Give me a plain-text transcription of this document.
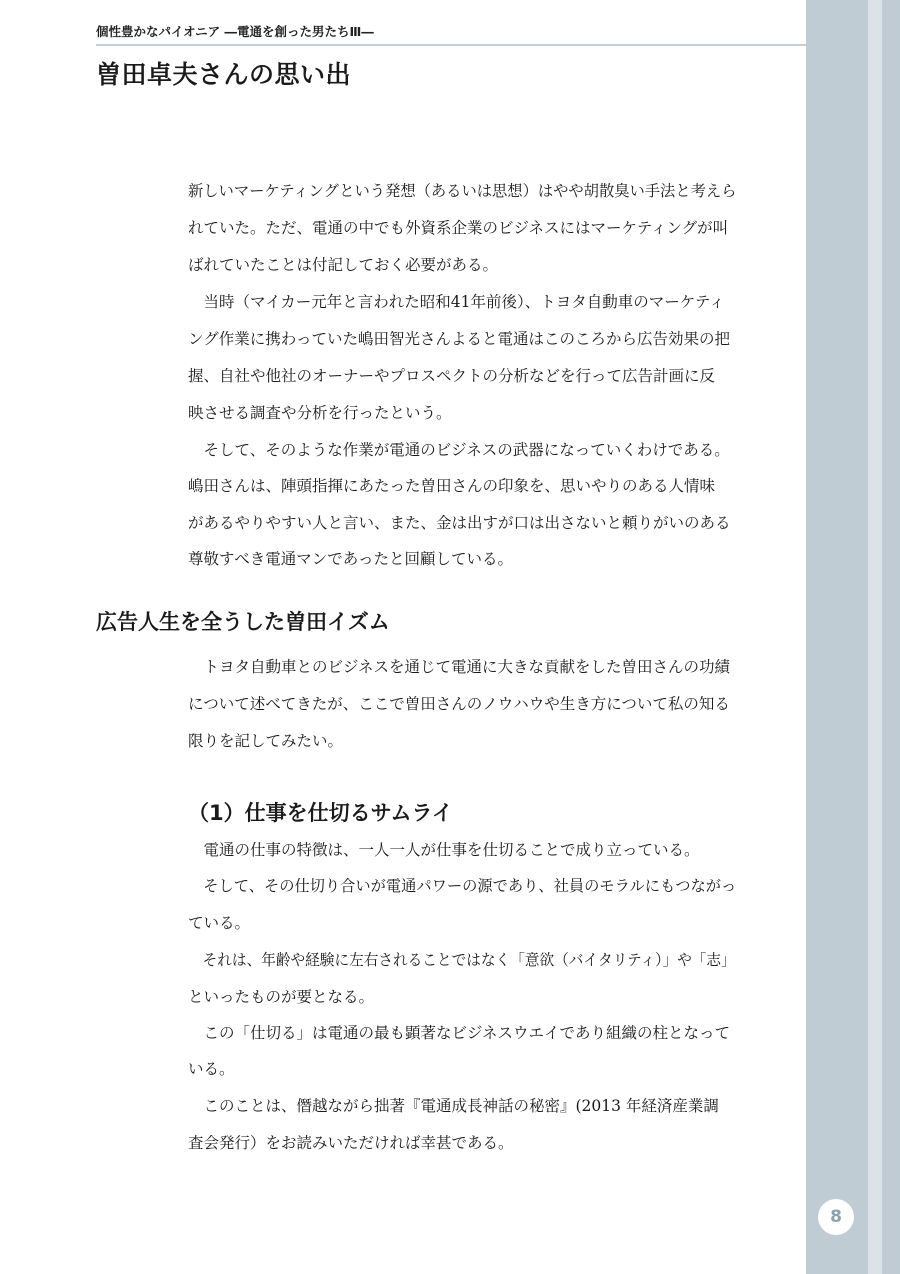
8
個性豊かなパイオニア ―電通を創った男たちⅢ―
曽田卓夫さんの思い出
新しいマーケティングという発想（あるいは思想）はやや胡散臭い手法と考えら
れていた。ただ、電通の中でも外資系企業のビジネスにはマーケティングが叫
ばれていたことは付記しておく必要がある。
　当時（マイカー元年と言われた昭和41年前後）、トヨタ自動車のマーケティ
ング作業に携わっていた嶋田智光さんよると電通はこのころから広告効果の把
握、自社や他社のオーナーやプロスペクトの分析などを行って広告計画に反
映させる調査や分析を行ったという。
　そして、そのような作業が電通のビジネスの武器になっていくわけである。
嶋田さんは、陣頭指揮にあたった曽田さんの印象を、思いやりのある人情味
があるやりやすい人と言い、また、金は出すが口は出さないと頼りがいのある
尊敬すべき電通マンであったと回顧している。
広告人生を全うした曽田イズム
　トヨタ自動車とのビジネスを通じて電通に大きな貢献をした曽田さんの功績
について述べてきたが、ここで曽田さんのノウハウや生き方について私の知る
限りを記してみたい。
（1）仕事を仕切るサムライ
　電通の仕事の特徴は、一人一人が仕事を仕切ることで成り立っている。
　そして、その仕切り合いが電通パワーの源であり、社員のモラルにもつながっ
ている。
　それは、年齢や経験に左右されることではなく「意欲（バイタリティ）」や「志」
といったものが要となる。
　この「仕切る」は電通の最も顕著なビジネスウエイであり組織の柱となって
いる。
　このことは、僭越ながら拙著『電通成長神話の秘密』(2013 年経済産業調
査会発行）をお読みいただければ幸甚である。
